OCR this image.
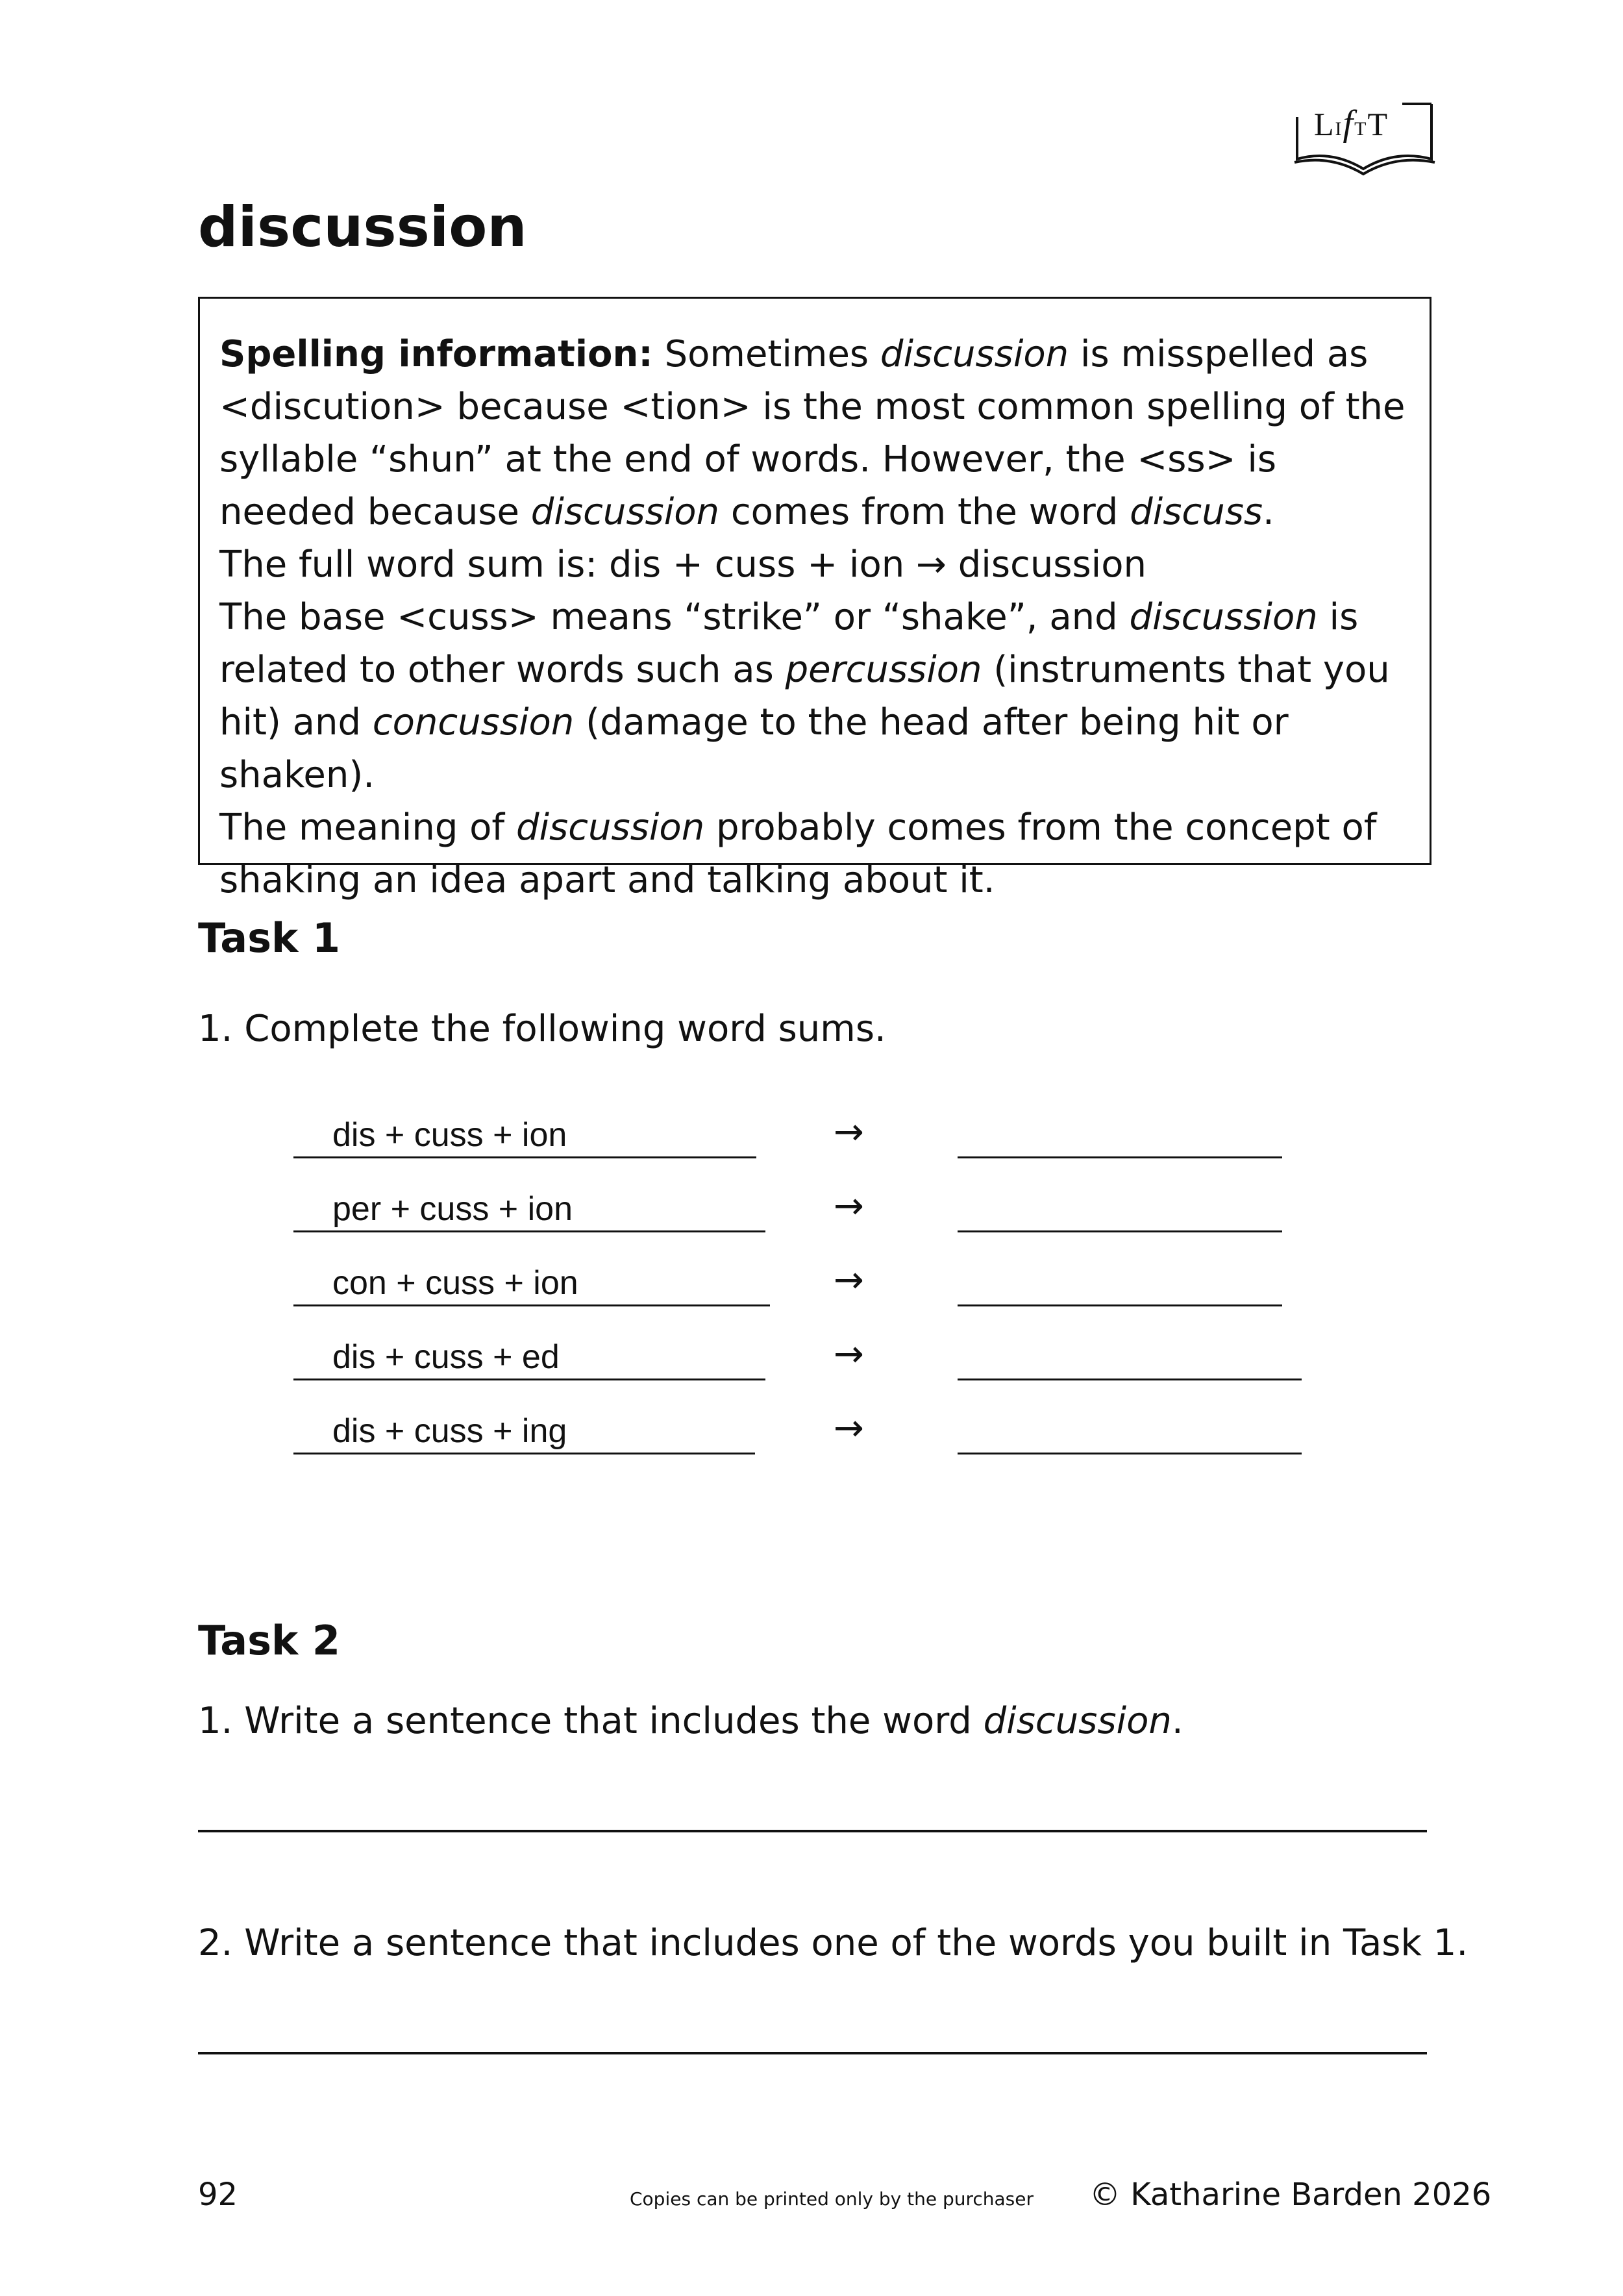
LIfTT
discussion

Spelling information: Sometimes discussion is misspelled as <discution> because <tion> is the most common spelling of the syllable “shun” at the end of words. However, the <ss> is needed because discussion comes from the word discuss.

The full word sum is: dis + cuss + ion → discussion

The base <cuss> means “strike” or “shake”, and discussion is related to other words such as percussion (instruments that you hit) and concussion (damage to the head after being hit or shaken).

The meaning of discussion probably comes from the concept of shaking an idea apart and talking about it.

Task 1

1. Complete the following word sums.

dis + cuss + ion	→
per + cuss + ion	→
con + cuss + ion	→
dis + cuss + ed	→
dis + cuss + ing	→
Task 2

1. Write a sentence that includes the word discussion.

2. Write a sentence that includes one of the words you built in Task 1.

92	Copies can be printed only by the purchaser © Katharine Barden 2026
